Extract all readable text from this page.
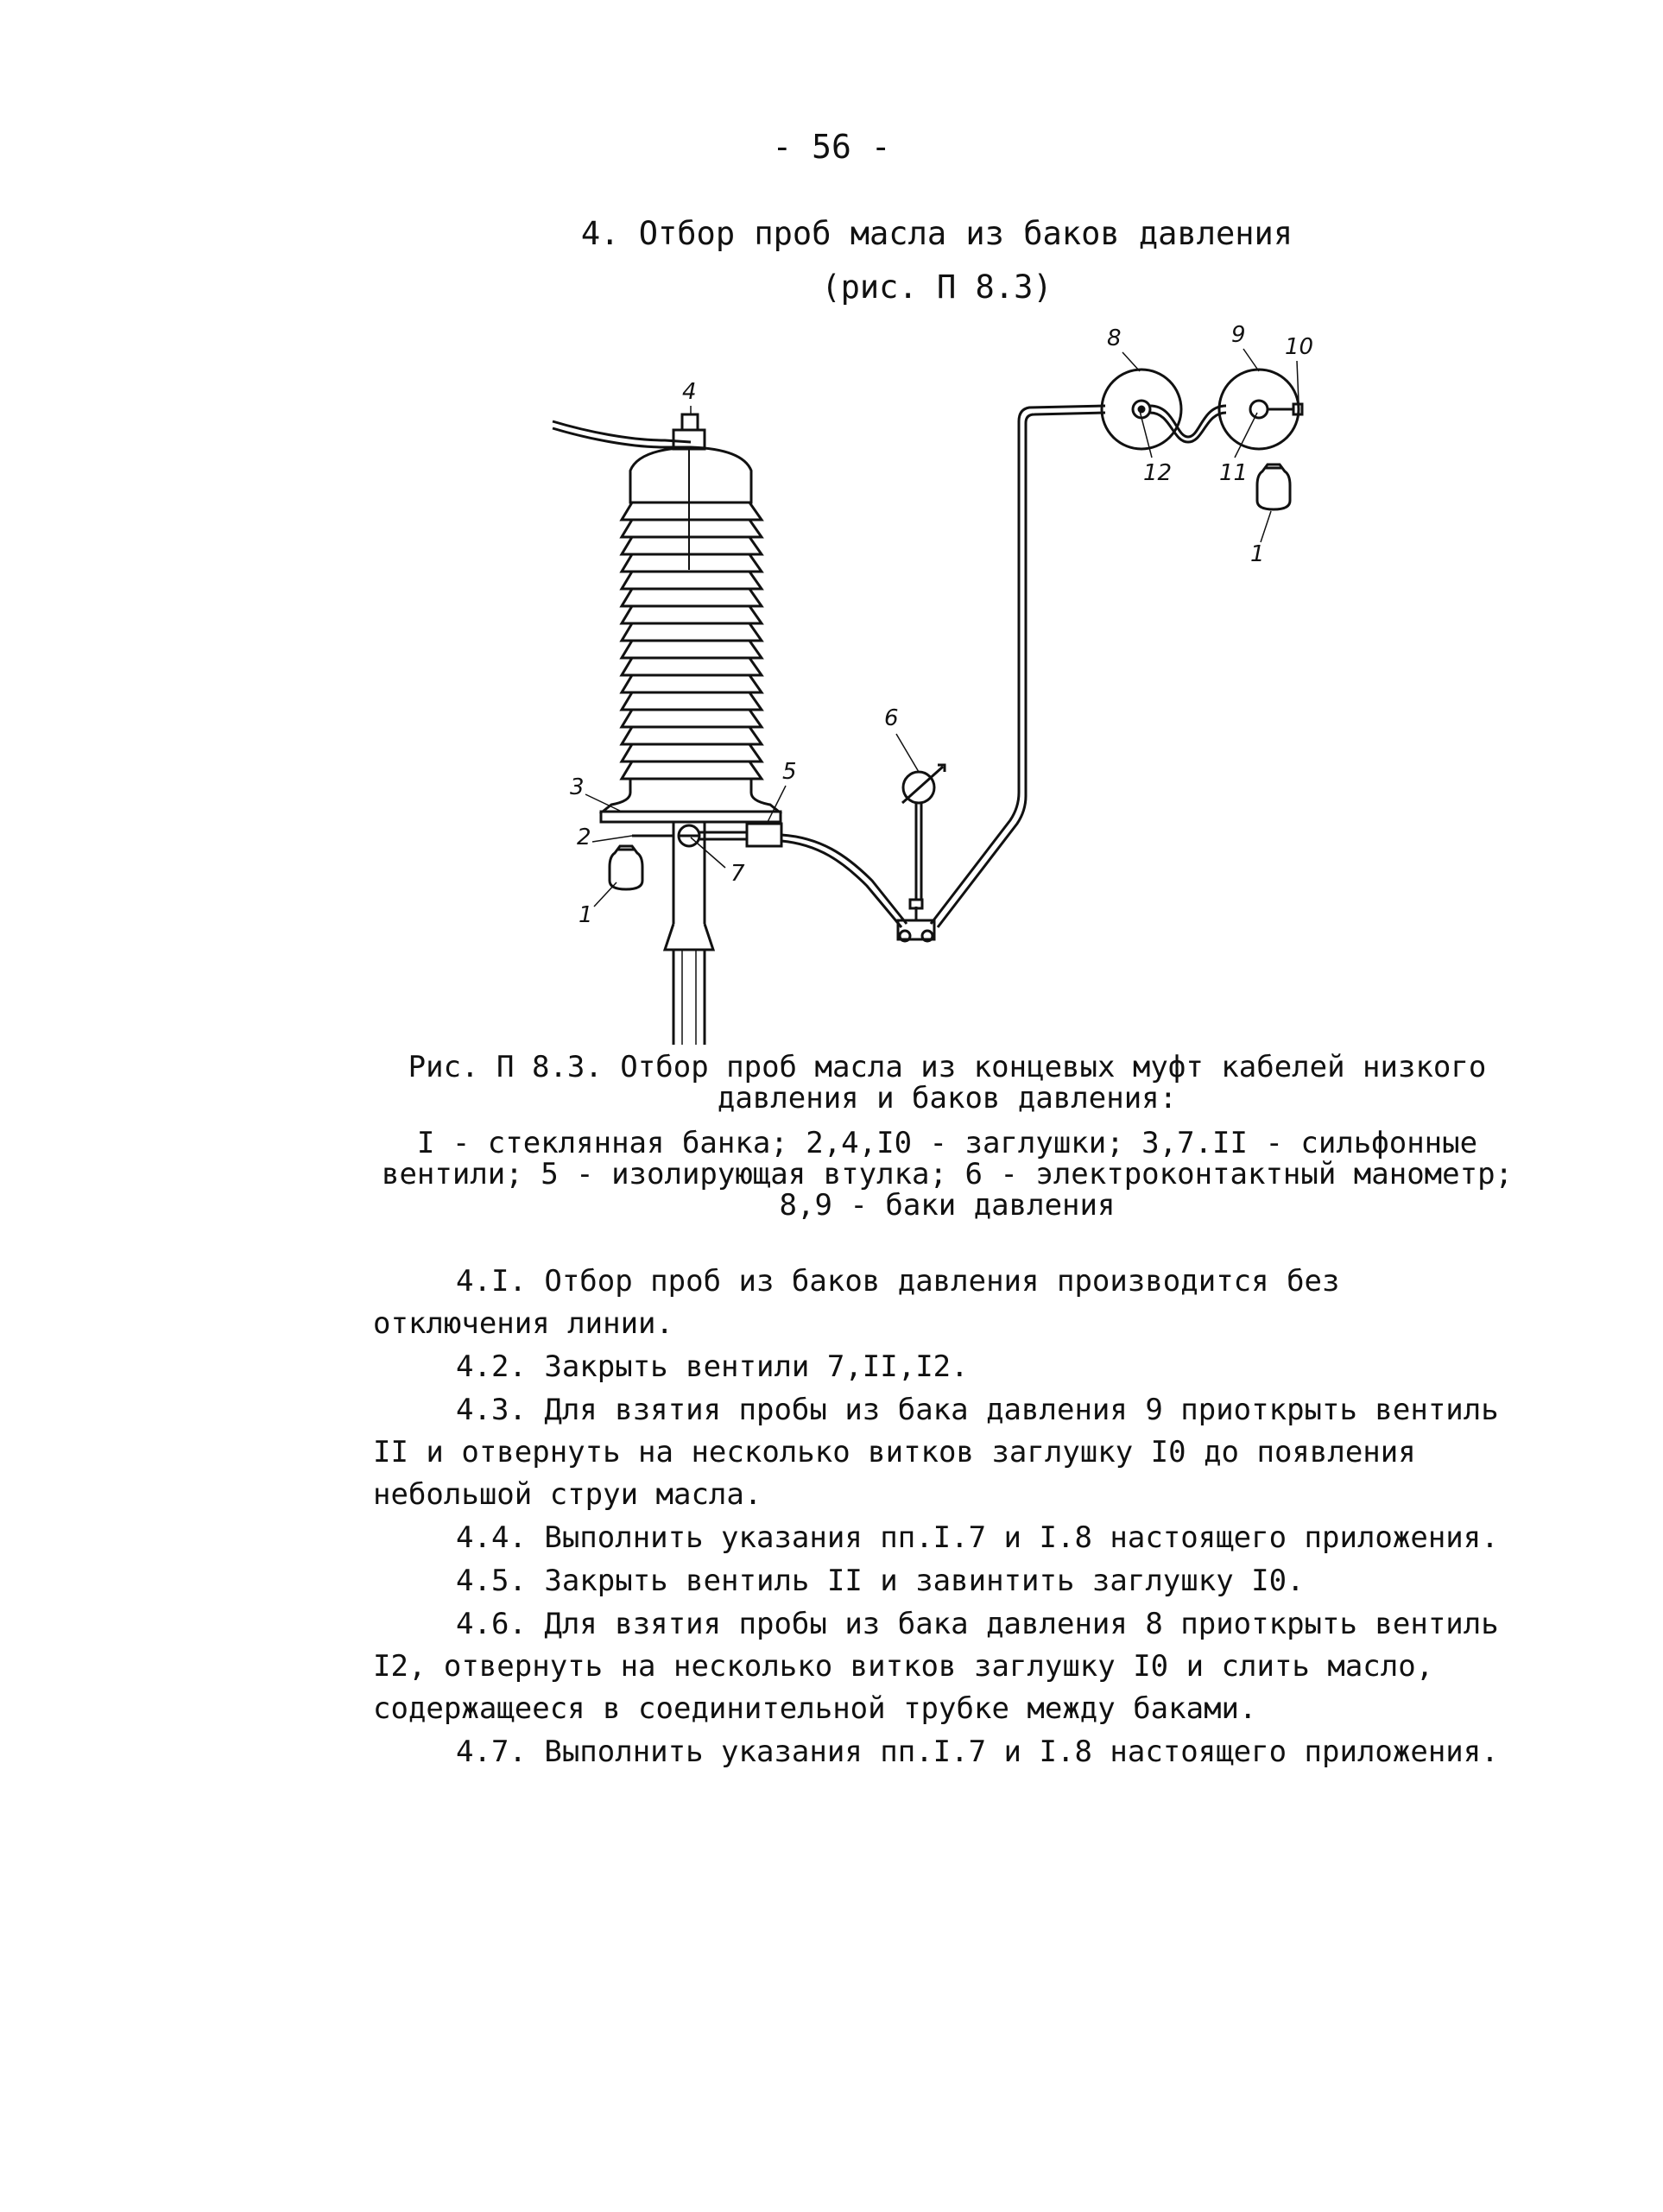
- 56 -
4. Отбор проб масла из баков давления
(рис. П 8.3)
4
3
2
5
7
1
6
8	9 10
12 11
1
Рис. П 8.3. Отбор проб масла из концевых муфт кабелей низкого давления и баков давления:
I - стеклянная банка; 2,4,I0 - заглушки; 3,7.II - сильфонные вентили; 5 - изолирующая втулка; 6 - электроконтактный манометр; 8,9 - баки давления

4.I. Отбор проб из баков давления производится без отключения линии.

4.2. Закрыть вентили 7,II,I2.

4.3. Для взятия пробы из бака давления 9 приоткрыть вентиль II и отвернуть на несколько витков заглушку I0 до появления небольшой струи масла.

4.4. Выполнить указания пп.I.7 и I.8 настоящего приложения.

4.5. Закрыть вентиль II и завинтить заглушку I0.

4.6. Для взятия пробы из бака давления 8 приоткрыть вентиль I2, отвернуть на несколько витков заглушку I0 и слить масло, содержащееся в соединительной трубке между баками.

4.7. Выполнить указания пп.I.7 и I.8 настоящего приложения.
